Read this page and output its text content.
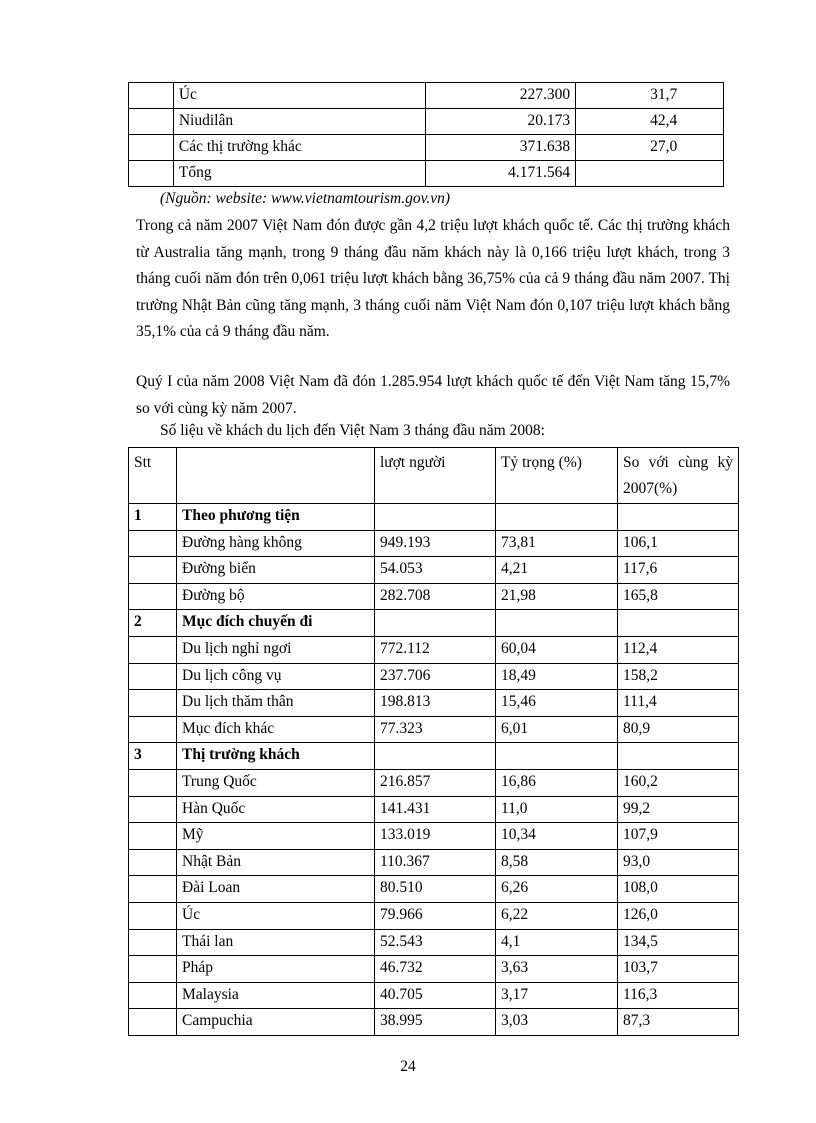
	Úc	227.300	31,7
	Niudilân	20.173	42,4
	Các thị trường khác	371.638	27,0
	Tổng	4.171.564	
(Nguồn: website: www.vietnamtourism.gov.vn)

Trong cả năm 2007 Việt Nam đón được gần 4,2 triệu lượt khách quốc tế. Các thị trường khách từ Australia tăng mạnh, trong 9 tháng đầu năm khách này là 0,166 triệu lượt khách, trong 3 tháng cuối năm đón trên 0,061 triệu lượt khách bằng 36,75% của cả 9 tháng đầu năm 2007. Thị trường Nhật Bản cũng tăng mạnh, 3 tháng cuối năm Việt Nam đón 0,107 triệu lượt khách bằng 35,1% của cả 9 tháng đầu năm.

Quý I của năm 2008 Việt Nam đã đón 1.285.954 lượt khách quốc tế đến Việt Nam tăng 15,7% so với cùng kỳ năm 2007.

Số liệu về khách du lịch đến Việt Nam 3 tháng đầu năm 2008:

Stt		lượt người	Tỷ trọng (%)	So với cùng kỳ 2007(%)
1	Theo phương tiện			
	Đường hàng không	949.193	73,81	106,1
	Đường biển	54.053	4,21	117,6
	Đường bộ	282.708	21,98	165,8
2	Mục đích chuyến đi			
	Du lịch nghỉ ngơi	772.112	60,04	112,4
	Du lịch công vụ	237.706	18,49	158,2
	Du lịch thăm thân	198.813	15,46	111,4
	Mục đích khác	77.323	6,01	80,9
3	Thị trường khách			
	Trung Quốc	216.857	16,86	160,2
	Hàn Quốc	141.431	11,0	99,2
	Mỹ	133.019	10,34	107,9
	Nhật Bản	110.367	8,58	93,0
	Đài Loan	80.510	6,26	108,0
	Úc	79.966	6,22	126,0
	Thái lan	52.543	4,1	134,5
	Pháp	46.732	3,63	103,7
	Malaysia	40.705	3,17	116,3
	Campuchia	38.995	3,03	87,3
24
